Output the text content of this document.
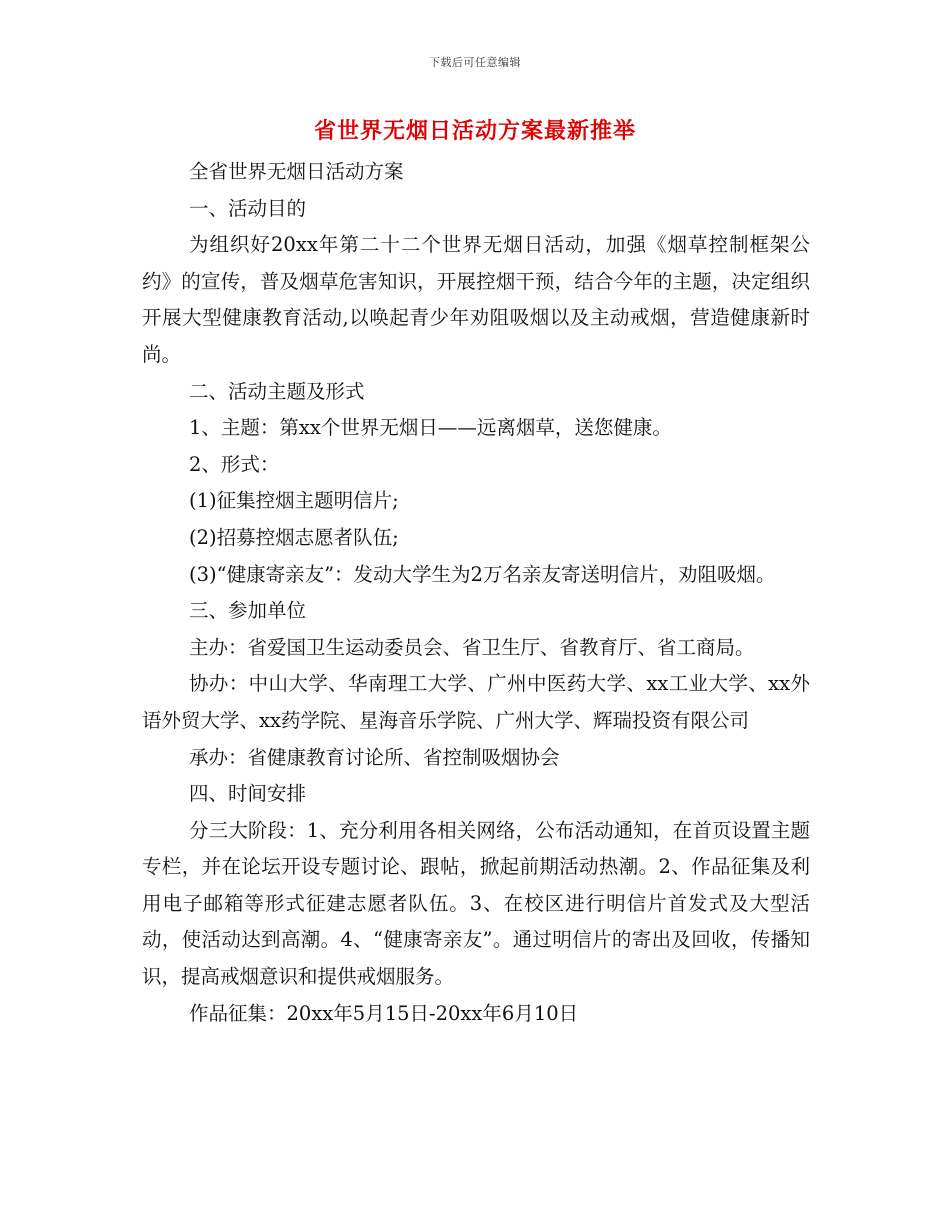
下载后可任意编辑
省世界无烟日活动方案最新推举

全省世界无烟日活动方案

一、活动目的

为组织好20xx年第二十二个世界无烟日活动，加强《烟草控制框架公约》的宣传，普及烟草危害知识，开展控烟干预，结合今年的主题，决定组织开展大型健康教育活动,以唤起青少年劝阻吸烟以及主动戒烟，营造健康新时尚。

二、活动主题及形式

1、主题：第xx个世界无烟日——远离烟草，送您健康。

2、形式：

(1)征集控烟主题明信片;

(2)招募控烟志愿者队伍;

(3)“健康寄亲友”：发动大学生为2万名亲友寄送明信片，劝阻吸烟。

三、参加单位

主办：省爱国卫生运动委员会、省卫生厅、省教育厅、省工商局。

协办：中山大学、华南理工大学、广州中医药大学、xx工业大学、xx外语外贸大学、xx药学院、星海音乐学院、广州大学、辉瑞投资有限公司

承办：省健康教育讨论所、省控制吸烟协会

四、时间安排

分三大阶段：1、充分利用各相关网络，公布活动通知，在首页设置主题专栏，并在论坛开设专题讨论、跟帖，掀起前期活动热潮。2、作品征集及利用电子邮箱等形式征建志愿者队伍。3、在校区进行明信片首发式及大型活动，使活动达到高潮。4、“健康寄亲友”。通过明信片的寄出及回收，传播知识，提高戒烟意识和提供戒烟服务。

作品征集：20xx年5月15日-20xx年6月10日
